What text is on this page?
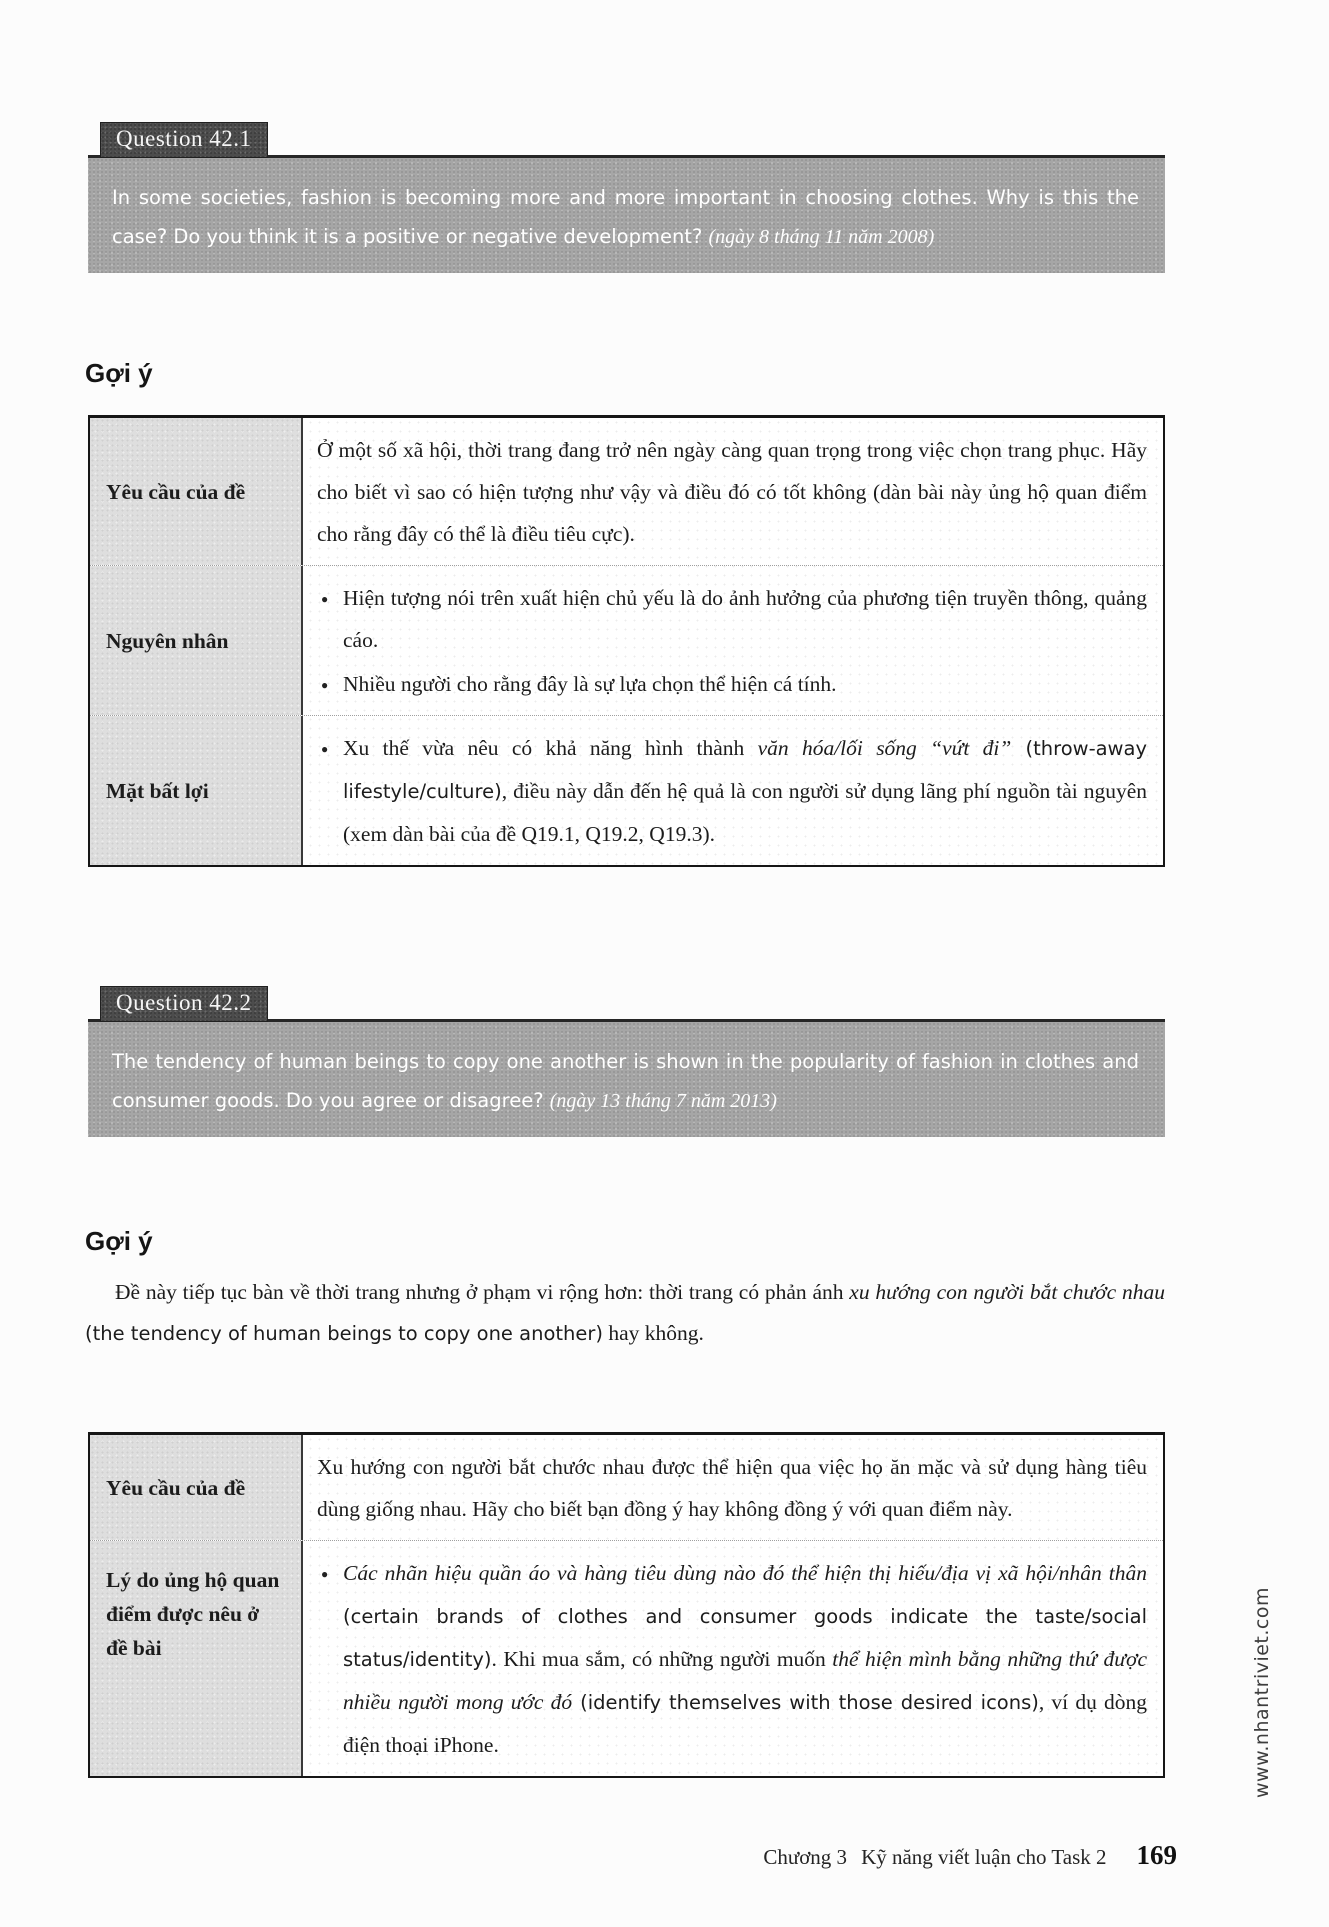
Question 42.1
In some societies, fashion is becoming more and more important in choosing clothes. Why is this the case? Do you think it is a positive or negative development? (ngày 8 tháng 11 năm 2008)
Gợi ý
Yêu cầu của đề

Ở một số xã hội, thời trang đang trở nên ngày càng quan trọng trong việc chọn trang phục. Hãy cho biết vì sao có hiện tượng như vậy và điều đó có tốt không (dàn bài này ủng hộ quan điểm cho rằng đây có thể là điều tiêu cực).

Nguyên nhân
● Hiện tượng nói trên xuất hiện chủ yếu là do ảnh hưởng của phương tiện truyền thông, quảng cáo.

● Nhiều người cho rằng đây là sự lựa chọn thể hiện cá tính.

Mặt bất lợi
● Xu thế vừa nêu có khả năng hình thành văn hóa/lối sống “vứt đi” (throw-away lifestyle/culture), điều này dẫn đến hệ quả là con người sử dụng lãng phí nguồn tài nguyên (xem dàn bài của đề Q19.1, Q19.2, Q19.3).

Question 42.2
The tendency of human beings to copy one another is shown in the popularity of fashion in clothes and consumer goods. Do you agree or disagree? (ngày 13 tháng 7 năm 2013)
Gợi ý

Đề này tiếp tục bàn về thời trang nhưng ở phạm vi rộng hơn: thời trang có phản ánh xu hướng con người bắt chước nhau (the tendency of human beings to copy one another) hay không.

Yêu cầu của đề

Xu hướng con người bắt chước nhau được thể hiện qua việc họ ăn mặc và sử dụng hàng tiêu dùng giống nhau. Hãy cho biết bạn đồng ý hay không đồng ý với quan điểm này.

Lý do ủng hộ quan điểm được nêu ở đề bài
● Các nhãn hiệu quần áo và hàng tiêu dùng nào đó thể hiện thị hiếu/địa vị xã hội/nhân thân (certain brands of clothes and consumer goods indicate the taste/social status/identity). Khi mua sắm, có những người muốn thể hiện mình bằng những thứ được nhiều người mong ước đó (identify themselves with those desired icons), ví dụ dòng điện thoại iPhone.

Chương 3 Kỹ năng viết luận cho Task 2 169
www.nhantriviet.com
